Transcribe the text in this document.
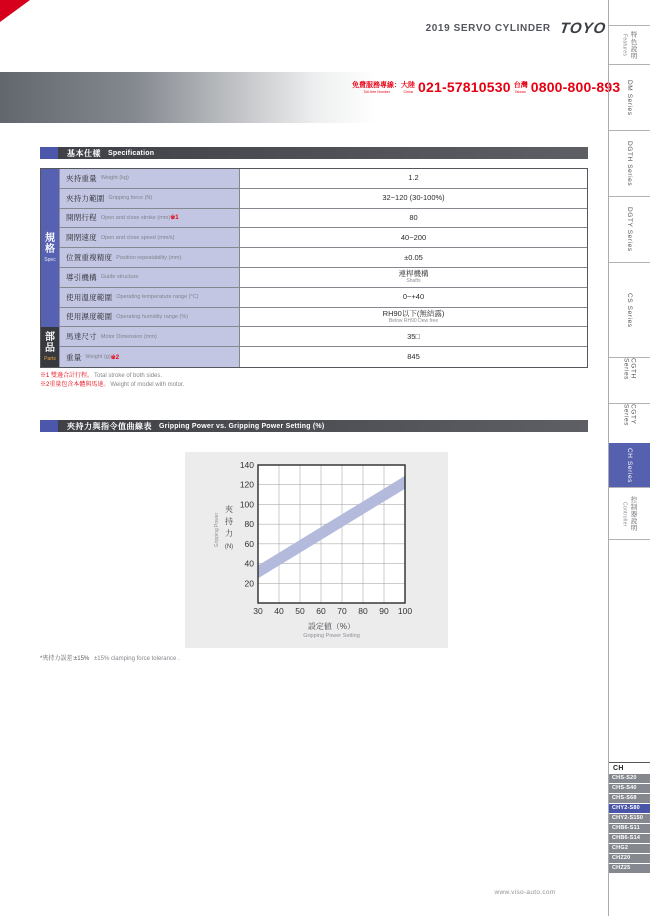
2019 SERVO CYLINDER TOYO
免費服務專線：
Toll-free Number
大陸
China 021-57810530 台灣
Taiwan 0800-800-893
基本仕樣 Specification
規格
Spec
部品
Parts
夾持重量 Weight (kg)	1.2
夾持力範圍 Gripping force (N)	32~120 (30-100%)
開閉行程 Open and close stroke (mm) ※1	80
開閉速度 Open and close speed (mm/s)	40~200
位置重複精度 Position repeatability (mm)	±0.05
導引機構 Guide structure	連桿機構
Shafts
使用溫度範圍 Operating temperature range (°C)	0~+40
使用濕度範圍 Operating humidity range (%)	RH90以下(無結露)
Below RH90 Dew free
馬達尺寸 Motor Dimension (mm)	35□
重量 Weight (g) ※2	845
※1 雙邊合計行程。Total stroke of both sides.
※2重量包含本體與馬達。Weight of model with motor.
夾持力與指令值曲線表 Gripping Power vs. Gripping Power Setting (%)
30 40 50 60 70 80 90 100
20
40
60
80
100
120
140
設定値（%）
Gripping Power Setting
夾
持
力
(N)
Gripping Power
*夾持力誤差:±15% ±15% clamping force tolerance .
www.viso-auto.com
Features 特色說明
DM Series
DGTH Series
DGTY Series
CS Series
CGTH Series
CGTY Series
CH Series
Controller 控制器說明
CH
CHS-S20
CHS-S40
CHS-S68
CHY2-S80
CHY2-S150
CHB6-S11
CHB6-S14
CHG2
CHZ20
CHZ25
